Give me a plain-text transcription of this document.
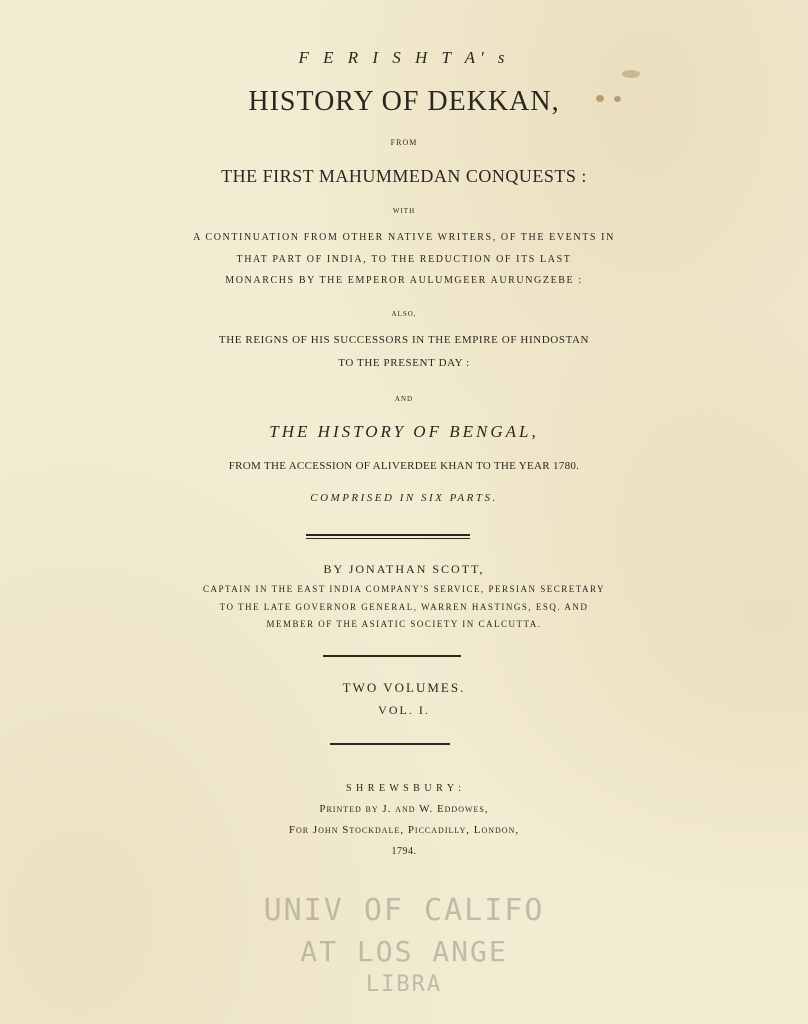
F E R I S H T A' s
HISTORY OF DEKKAN,
FROM
THE FIRST MAHUMMEDAN CONQUESTS :
WITH
A CONTINUATION FROM OTHER NATIVE WRITERS, OF THE EVENTS IN
THAT PART OF INDIA, TO THE REDUCTION OF ITS LAST
MONARCHS BY THE EMPEROR AULUMGEER AURUNGZEBE :
ALSO,
THE REIGNS OF HIS SUCCESSORS IN THE EMPIRE OF HINDOSTAN
TO THE PRESENT DAY :
AND
THE HISTORY OF BENGAL,
FROM THE ACCESSION OF ALIVERDEE KHAN TO THE YEAR 1780.
COMPRISED IN SIX PARTS.
BY JONATHAN SCOTT,
CAPTAIN IN THE EAST INDIA COMPANY'S SERVICE, PERSIAN SECRETARY
TO THE LATE GOVERNOR GENERAL, WARREN HASTINGS, ESQ. AND
MEMBER OF THE ASIATIC SOCIETY IN CALCUTTA.
TWO VOLUMES.
VOL. I.
S H R E W S B U R Y :
Printed by J. and W. Eddowes,
For John Stockdale, Piccadilly, London,
1794.
UNIV OF CALIFO
AT LOS ANGE
LIBRA
